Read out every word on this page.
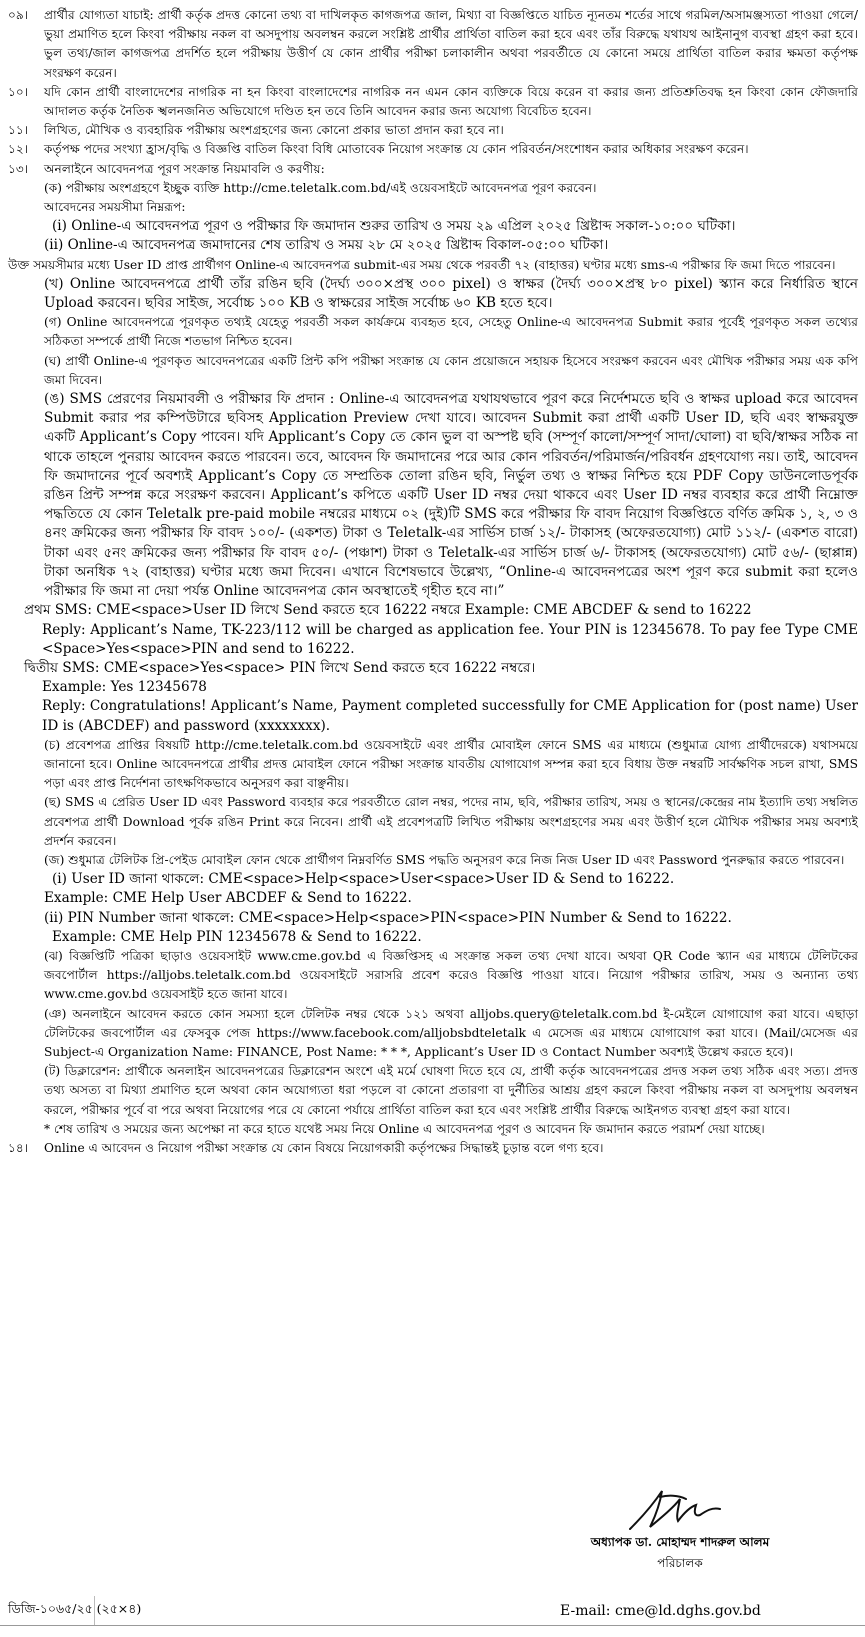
০৯।	প্রার্থীর যোগ্যতা যাচাই: প্রার্থী কর্তৃক প্রদত্ত কোনো তথ্য বা দাখিলকৃত কাগজপত্র জাল, মিথ্যা বা বিজ্ঞপ্তিতে যাচিত ন্যূনতম শর্তের সাথে গরমিল/অসামঞ্জস্যতা পাওয়া গেলে/ভুয়া প্রমাণিত হলে কিংবা পরীক্ষায় নকল বা অসদুপায় অবলম্বন করলে সংশ্লিষ্ট প্রার্থীর প্রার্থিতা বাতিল করা হবে এবং তাঁর বিরুদ্ধে যথাযথ আইনানুগ ব্যবস্থা গ্রহণ করা হবে। ভুল তথ্য/জাল কাগজপত্র প্রদর্শিত হলে পরীক্ষায় উত্তীর্ণ যে কোন প্রার্থীর পরীক্ষা চলাকালীন অথবা পরবর্তীতে যে কোনো সময়ে প্রার্থিতা বাতিল করার ক্ষমতা কর্তৃপক্ষ সংরক্ষণ করেন।
১০।	যদি কোন প্রার্থী বাংলাদেশের নাগরিক না হন কিংবা বাংলাদেশের নাগরিক নন এমন কোন ব্যক্তিকে বিয়ে করেন বা করার জন্য প্রতিশ্রুতিবদ্ধ হন কিংবা কোন ফৌজদারি আদালত কর্তৃক নৈতিক স্খলনজনিত অভিযোগে দণ্ডিত হন তবে তিনি আবেদন করার জন্য অযোগ্য বিবেচিত হবেন।
১১।	লিখিত, মৌখিক ও ব্যবহারিক পরীক্ষায় অংশগ্রহণের জন্য কোনো প্রকার ভাতা প্রদান করা হবে না।
১২।	কর্তৃপক্ষ পদের সংখ্যা হ্রাস/বৃদ্ধি ও বিজ্ঞপ্তি বাতিল কিংবা বিধি মোতাবেক নিয়োগ সংক্রান্ত যে কোন পরিবর্তন/সংশোধন করার অধিকার সংরক্ষণ করেন।
১৩।	অনলাইনে আবেদনপত্র পূরণ সংক্রান্ত নিয়মাবলি ও করণীয়:
(ক) পরীক্ষায় অংশগ্রহণে ইচ্ছুক ব্যক্তি http://cme.teletalk.com.bd/এই ওয়েবসাইটে আবেদনপত্র পূরণ করবেন।
আবেদনের সময়সীমা নিম্নরূপ:
(i) Online-এ আবেদনপত্র পূরণ ও পরীক্ষার ফি জমাদান শুরুর তারিখ ও সময় ২৯ এপ্রিল ২০২৫ খ্রিষ্টাব্দ সকাল-১০:০০ ঘটিকা।
(ii) Online-এ আবেদনপত্র জমাদানের শেষ তারিখ ও সময় ২৮ মে ২০২৫ খ্রিষ্টাব্দ বিকাল-০৫:০০ ঘটিকা।
উক্ত সময়সীমার মধ্যে User ID প্রাপ্ত প্রার্থীগণ Online-এ আবেদনপত্র submit-এর সময় থেকে পরবর্তী ৭২ (বাহাত্তর) ঘণ্টার মধ্যে sms-এ পরীক্ষার ফি জমা দিতে পারবেন।
(খ) Online আবেদনপত্রে প্রার্থী তাঁর রঙিন ছবি (দৈর্ঘ্য ৩০০×প্রস্থ ৩০০ pixel) ও স্বাক্ষর (দৈর্ঘ্য ৩০০×প্রস্থ ৮০ pixel) স্ক্যান করে নির্ধারিত স্থানে Upload করবেন। ছবির সাইজ, সর্বোচ্চ ১০০ KB ও স্বাক্ষরের সাইজ সর্বোচ্চ ৬০ KB হতে হবে।
(গ) Online আবেদনপত্রে পূরণকৃত তথ্যই যেহেতু পরবর্তী সকল কার্যক্রমে ব্যবহৃত হবে, সেহেতু Online-এ আবেদনপত্র Submit করার পূর্বেই পূরণকৃত সকল তথ্যের সঠিকতা সম্পর্কে প্রার্থী নিজে শতভাগ নিশ্চিত হবেন।
(ঘ) প্রার্থী Online-এ পূরণকৃত আবেদনপত্রের একটি প্রিন্ট কপি পরীক্ষা সংক্রান্ত যে কোন প্রয়োজনে সহায়ক হিসেবে সংরক্ষণ করবেন এবং মৌখিক পরীক্ষার সময় এক কপি জমা দিবেন।
(ঙ) SMS প্রেরণের নিয়মাবলী ও পরীক্ষার ফি প্রদান : Online-এ আবেদনপত্র যথাযথভাবে পূরণ করে নির্দেশমতে ছবি ও স্বাক্ষর upload করে আবেদন Submit করার পর কম্পিউটারে ছবিসহ Application Preview দেখা যাবে। আবেদন Submit করা প্রার্থী একটি User ID, ছবি এবং স্বাক্ষরযুক্ত একটি Applicant’s Copy পাবেন। যদি Applicant’s Copy তে কোন ভুল বা অস্পষ্ট ছবি (সম্পূর্ণ কালো/সম্পূর্ণ সাদা/ঘোলা) বা ছবি/স্বাক্ষর সঠিক না থাকে তাহলে পুনরায় আবেদন করতে পারবেন। তবে, আবেদন ফি জমাদানের পরে আর কোন পরিবর্তন/পরিমার্জন/পরিবর্ধন গ্রহণযোগ্য নয়। তাই, আবেদন ফি জমাদানের পূর্বে অবশ্যই Applicant’s Copy তে সম্প্রতিক তোলা রঙিন ছবি, নির্ভুল তথ্য ও স্বাক্ষর নিশ্চিত হয়ে PDF Copy ডাউনলোডপূর্বক রঙিন প্রিন্ট সম্পন্ন করে সংরক্ষণ করবেন। Applicant’s কপিতে একটি User ID নম্বর দেয়া থাকবে এবং User ID নম্বর ব্যবহার করে প্রার্থী নিম্নোক্ত পদ্ধতিতে যে কোন Teletalk pre-paid mobile নম্বরের মাধ্যমে ০২ (দুই)টি SMS করে পরীক্ষার ফি বাবদ নিয়োগ বিজ্ঞপ্তিতে বর্ণিত ক্রমিক ১, ২, ৩ ও ৪নং ক্রমিকের জন্য পরীক্ষার ফি বাবদ ১০০/- (একশত) টাকা ও Teletalk-এর সার্ভিস চার্জ ১২/- টাকাসহ (অফেরতযোগ্য) মোট ১১২/- (একশত বারো) টাকা এবং ৫নং ক্রমিকের জন্য পরীক্ষার ফি বাবদ ৫০/- (পঞ্চাশ) টাকা ও Teletalk-এর সার্ভিস চার্জ ৬/- টাকাসহ (অফেরতযোগ্য) মোট ৫৬/- (ছাপ্পান্ন) টাকা অনধিক ৭২ (বাহাত্তর) ঘণ্টার মধ্যে জমা দিবেন। এখানে বিশেষভাবে উল্লেখ্য, “Online-এ আবেদনপত্রের অংশ পূরণ করে submit করা হলেও পরীক্ষার ফি জমা না দেয়া পর্যন্ত Online আবেদনপত্র কোন অবস্থাতেই গৃহীত হবে না।”
প্রথম SMS: CME<space>User ID লিখে Send করতে হবে 16222 নম্বরে Example: CME ABCDEF & send to 16222
Reply: Applicant’s Name, TK-223/112 will be charged as application fee. Your PIN is 12345678. To pay fee Type CME <Space>Yes<space>PIN and send to 16222.
দ্বিতীয় SMS: CME<space>Yes<space> PIN লিখে Send করতে হবে 16222 নম্বরে।
Example: Yes 12345678
Reply: Congratulations! Applicant’s Name, Payment completed successfully for CME Application for (post name) User ID is (ABCDEF) and password (xxxxxxxx).
(চ) প্রবেশপত্র প্রাপ্তির বিষয়টি http://cme.teletalk.com.bd ওয়েবসাইটে এবং প্রার্থীর মোবাইল ফোনে SMS এর মাধ্যমে (শুধুমাত্র যোগ্য প্রার্থীদেরকে) যথাসময়ে জানানো হবে। Online আবেদনপত্রে প্রার্থীর প্রদত্ত মোবাইল ফোনে পরীক্ষা সংক্রান্ত যাবতীয় যোগাযোগ সম্পন্ন করা হবে বিধায় উক্ত নম্বরটি সার্বক্ষণিক সচল রাখা, SMS পড়া এবং প্রাপ্ত নির্দেশনা তাৎক্ষণিকভাবে অনুসরণ করা বাঞ্ছনীয়।
(ছ) SMS এ প্রেরিত User ID এবং Password ব্যবহার করে পরবর্তীতে রোল নম্বর, পদের নাম, ছবি, পরীক্ষার তারিখ, সময় ও স্থানের/কেন্দ্রের নাম ইত্যাদি তথ্য সম্বলিত প্রবেশপত্র প্রার্থী Download পূর্বক রঙিন Print করে নিবেন। প্রার্থী এই প্রবেশপত্রটি লিখিত পরীক্ষায় অংশগ্রহণের সময় এবং উত্তীর্ণ হলে মৌখিক পরীক্ষার সময় অবশ্যই প্রদর্শন করবেন।
(জ) শুধুমাত্র টেলিটক প্রি-পেইড মোবাইল ফোন থেকে প্রার্থীগণ নিম্নবর্ণিত SMS পদ্ধতি অনুসরণ করে নিজ নিজ User ID এবং Password পুনরুদ্ধার করতে পারবেন।
(i) User ID জানা থাকলে: CME<space>Help<space>User<space>User ID & Send to 16222.
Example: CME Help User ABCDEF & Send to 16222.
(ii) PIN Number জানা থাকলে: CME<space>Help<space>PIN<space>PIN Number & Send to 16222.
Example: CME Help PIN 12345678 & Send to 16222.
(ঝ) বিজ্ঞপ্তিটি পত্রিকা ছাড়াও ওয়েবসাইট www.cme.gov.bd এ বিজ্ঞপ্তিসহ এ সংক্রান্ত সকল তথ্য দেখা যাবে। অথবা QR Code স্ক্যান এর মাধ্যমে টেলিটকের জবপোর্টাল https://alljobs.teletalk.com.bd ওয়েবসাইটে সরাসরি প্রবেশ করেও বিজ্ঞপ্তি পাওয়া যাবে। নিয়োগ পরীক্ষার তারিখ, সময় ও অন্যান্য তথ্য www.cme.gov.bd ওয়েবসাইট হতে জানা যাবে।
(ঞ) অনলাইনে আবেদন করতে কোন সমস্যা হলে টেলিটক নম্বর থেকে ১২১ অথবা alljobs.query@teletalk.com.bd ই-মেইলে যোগাযোগ করা যাবে। এছাড়া টেলিটকের জবপোর্টাল এর ফেসবুক পেজ https://www.facebook.com/alljobsbdteletalk এ মেসেজ এর মাধ্যমে যোগাযোগ করা যাবে। (Mail/মেসেজ এর Subject-এ Organization Name: FINANCE, Post Name: * * *, Applicant’s User ID ও Contact Number অবশ্যই উল্লেখ করতে হবে)।
(ট) ডিক্লারেশন: প্রার্থীকে অনলাইন আবেদনপত্রের ডিক্লারেশন অংশে এই মর্মে ঘোষণা দিতে হবে যে, প্রার্থী কর্তৃক আবেদনপত্রের প্রদত্ত সকল তথ্য সঠিক এবং সত্য। প্রদত্ত তথ্য অসত্য বা মিথ্যা প্রমাণিত হলে অথবা কোন অযোগ্যতা ধরা পড়লে বা কোনো প্রতারণা বা দুর্নীতির আশ্রয় গ্রহণ করলে কিংবা পরীক্ষায় নকল বা অসদুপায় অবলম্বন করলে, পরীক্ষার পূর্বে বা পরে অথবা নিয়োগের পরে যে কোনো পর্যায়ে প্রার্থিতা বাতিল করা হবে এবং সংশ্লিষ্ট প্রার্থীর বিরুদ্ধে আইনগত ব্যবস্থা গ্রহণ করা যাবে।
* শেষ তারিখ ও সময়ের জন্য অপেক্ষা না করে হাতে যথেষ্ট সময় নিয়ে Online এ আবেদনপত্র পূরণ ও আবেদন ফি জমাদান করতে পরামর্শ দেয়া যাচ্ছে।
১৪।	Online এ আবেদন ও নিয়োগ পরীক্ষা সংক্রান্ত যে কোন বিষয়ে নিয়োগকারী কর্তৃপক্ষের সিদ্ধান্তই চূড়ান্ত বলে গণ্য হবে।
অধ্যাপক ডা. মোহাম্মদ শাদরুল আলম
পরিচালক
ডিজি-১০৬৫/২৫ (২৫×৪)	E-mail: cme@ld.dghs.gov.bd
